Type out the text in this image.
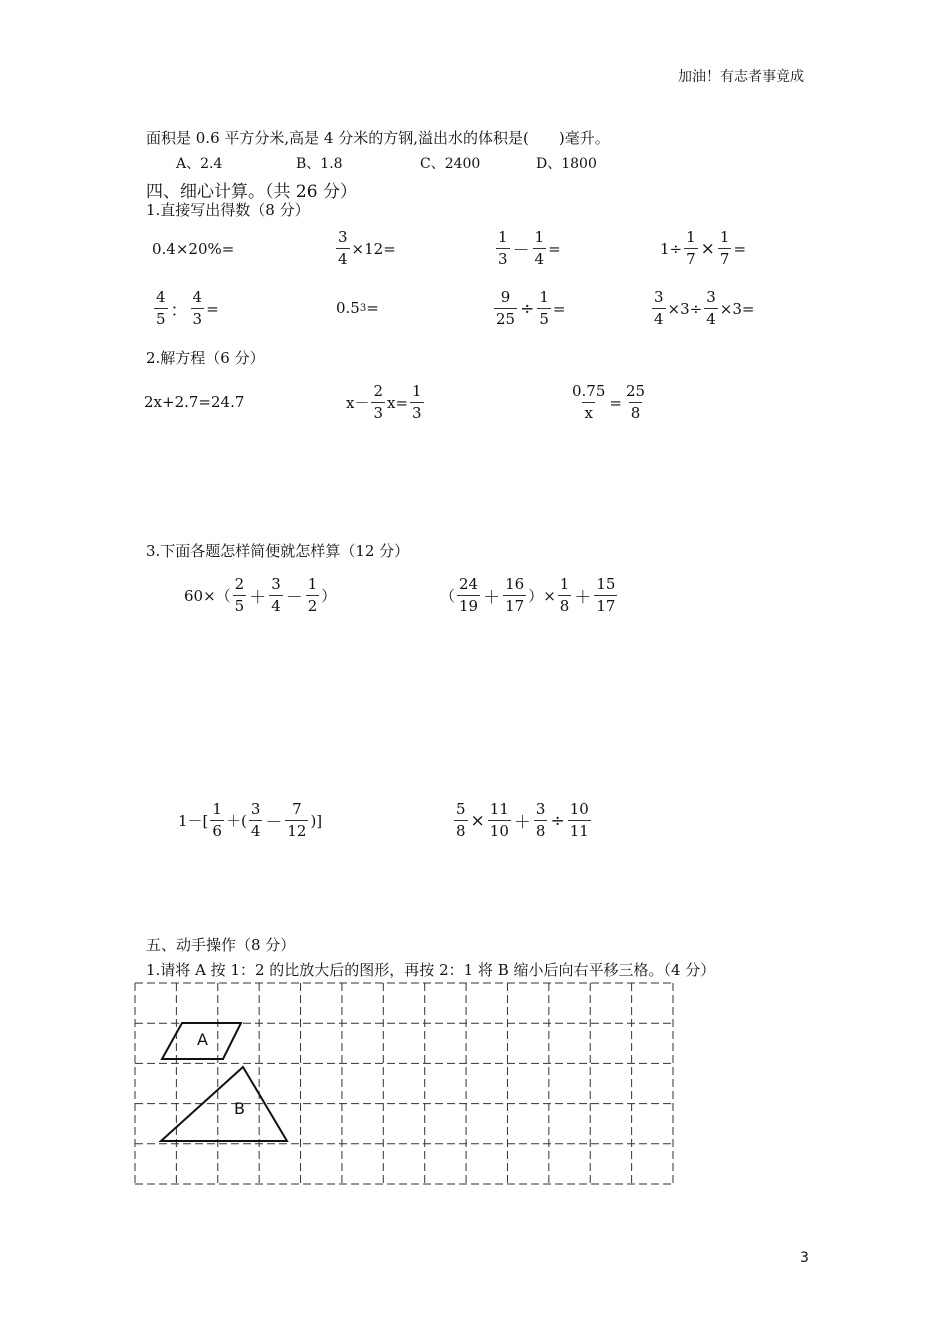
加油！有志者事竟成
面积是 0.6 平方分米,高是 4 分米的方钢,溢出水的体积是(　　)毫升。
A、2.4	B、1.8	C、2400	D、1800
四、细心计算。（共 26 分）
1.直接写出得数（8 分）
0.4×20%=	$\frac{3}{4} \times 12=$	$\frac{1}{3} - \frac{1}{4}$ =	$1\div \frac{1}{7} \times \frac{1}{7}$ =
$\frac{4}{5}$ ： $\frac{4}{3}$ =	0.5 3 =	$\frac{9}{25} \div \frac{1}{5}$ =	$\frac{3}{4} \times 3\div \frac{3}{4} \times 3=$
2.解方程（6 分）
2x+2.7=24.7	$x- \frac{2}{3} x= \frac{1}{3}$	$\frac{0.75}{x} = \frac{25}{8}$
3.下面各题怎样简便就怎样算（12 分）
$60\times( \frac{2}{5} + \frac{3}{4} - \frac{1}{2}$ ）	（ $\frac{24}{19} + \frac{16}{17}$ ）× $\frac{1}{8} + \frac{15}{17}$
$1-[ \frac{1}{6}$ ＋( $\frac{3}{4} - \frac{7}{12}$ )]	$\frac{5}{8} \times \frac{11}{10} + \frac{3}{8} \div \frac{10}{11}$
五、动手操作（8 分）
1.请将 A 按 1：2 的比放大后的图形，再按 2：1 将 B 缩小后向右平移三格。（4 分）
A
B
3
